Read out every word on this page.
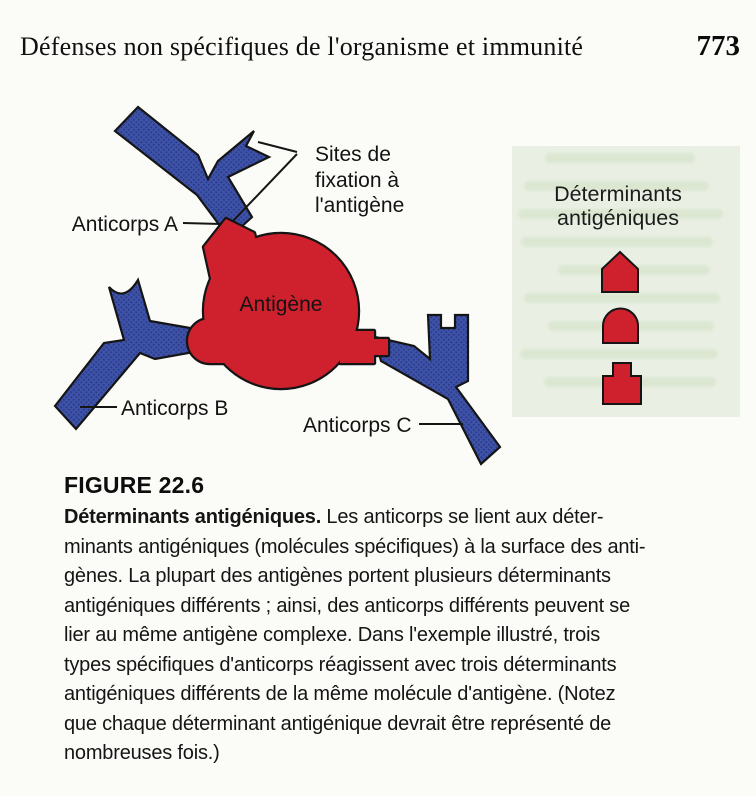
Défenses non spécifiques de l'organisme et immunité	773
Déterminants
antigéniques
Antigène
Sites de
fixation à
l'antigène
Anticorps A
Anticorps B
Anticorps C

FIGURE 22.6

Déterminants antigéniques. Les anticorps se lient aux déter-

minants antigéniques (molécules spécifiques) à la surface des anti-

gènes. La plupart des antigènes portent plusieurs déterminants

antigéniques différents ; ainsi, des anticorps différents peuvent se

lier au même antigène complexe. Dans l'exemple illustré, trois

types spécifiques d'anticorps réagissent avec trois déterminants

antigéniques différents de la même molécule d'antigène. (Notez

que chaque déterminant antigénique devrait être représenté de

nombreuses fois.)
